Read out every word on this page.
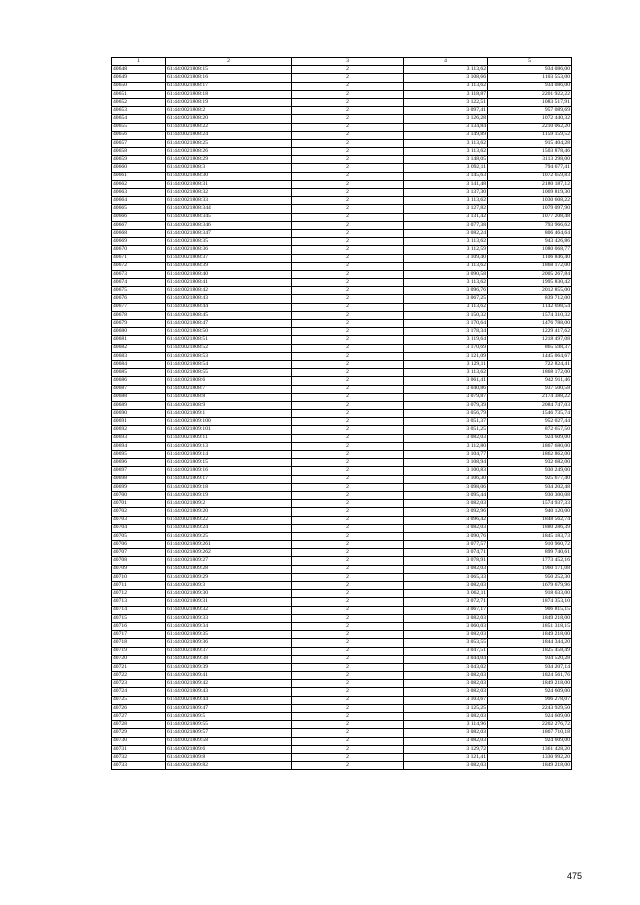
1	2	3	4	5
40648	61:44:0021808:15	2	3 113,62	934 086,00
40649	61:44:0021808:16	2	3 108,66	1103 553,00
40650	61:44:0021808:17	2	3 113,62	934 086,00
40651	61:44:0021808:18	2	3 118,87	2201 922,22
40652	61:44:0021808:19	2	3 122,51	1083 517,91
40653	61:44:0021808:2	2	3 097,41	957 089,69
40654	61:44:0021808:20	2	3 126,28	1072 440,32
40655	61:44:0021808:22	2	3 134,84	2210 062,20
40656	61:44:0021808:24	2	3 149,89	1159 159,52
40657	61:44:0021808:25	2	3 113,62	915 404,28
40658	61:44:0021808:26	2	3 113,62	1503 878,46
40659	61:44:0021808:29	2	3 148,05	3113 298,00
40660	61:44:0021808:3	2	3 092,11	794 677,41
40661	61:44:0021808:30	2	3 145,63	1072 659,83
40662	61:44:0021808:31	2	3 141,48	2180 187,12
40663	61:44:0021808:32	2	3 137,30	1069 819,30
40664	61:44:0021808:33	2	3 113,62	1030 608,22
40665	61:44:0021808:344	2	3 127,82	1079 097,90
40666	61:44:0021808:345	2	3 131,42	1077 208,48
40667	61:44:0021808:346	2	3 077,38	793 966,62
40668	61:44:0021808:347	2	3 082,24	806 464,64
40669	61:44:0021808:35	2	3 113,62	943 426,86
40670	61:44:0021808:36	2	3 112,59	1080 068,77
40671	61:44:0021808:37	2	3 109,40	1106 846,40
40672	61:44:0021808:39	2	3 113,62	1868 172,00
40673	61:44:0021808:40	2	3 090,58	2005 267,84
40674	61:44:0021808:41	2	3 113,62	1995 830,42
40675	61:44:0021808:42	2	3 096,76	2012 855,00
40676	61:44:0021808:43	2	3 067,25	839 712,00
40677	61:44:0021808:44	2	3 113,62	1142 698,54
40678	61:44:0021808:45	2	3 150,32	1574 310,32
40679	61:44:0021808:47	2	3 170,64	1476 788,00
40680	61:44:0021808:50	2	3 178,34	1229 417,62
40681	61:44:0021808:51	2	3 119,64	1218 497,08
40682	61:44:0021808:52	2	3 170,69	865 598,37
40683	61:44:0021808:53	2	3 121,09	1445 064,67
40684	61:44:0021808:54	2	3 129,11	722 824,41
40685	61:44:0021808:55	2	3 113,62	1868 172,00
40686	61:44:0021808:6	2	3 061,41	942 911,46
40687	61:44:0021808:7	2	3 040,86	937 500,58
40688	61:44:0021808:8	2	3 079,87	2174 388,22
40689	61:44:0021808:9	2	3 079,39	2084 747,03
40690	61:44:0021809:1	2	3 056,79	1546 735,74
40691	61:44:0021809:100	2	3 051,37	952 027,44
40692	61:44:0021809:101	2	3 051,25	872 657,50
40693	61:44:0021809:11	2	3 082,03	924 609,00
40694	61:44:0021809:13	2	3 112,80	1867 680,00
40695	61:44:0021809:14	2	3 104,77	1862 862,00
40696	61:44:0021809:15	2	3 108,94	932 682,00
40697	61:44:0021809:16	2	3 100,83	930 249,00
40698	61:44:0021809:17	2	3 106,30	925 677,40
40699	61:44:0021809:18	2	3 098,06	934 202,48
40700	61:44:0021809:19	2	3 095,44	930 300,08
40701	61:44:0021809:2	2	3 082,03	1574 937,33
40702	61:44:0021809:20	2	3 092,96	940 120,00
40703	61:44:0021809:22	2	3 096,42	1848 562,74
40704	61:44:0021809:24	2	3 082,03	1880 286,39
40705	61:44:0021809:25	2	3 090,76	1845 183,73
40706	61:44:0021809:261	2	3 077,57	910 960,72
40707	61:44:0021809:262	2	3 074,71	899 740,61
40708	61:44:0021809:27	2	3 078,91	1773 452,16
40709	61:44:0021809:28	2	3 082,03	1960 171,08
40710	61:44:0021809:29	2	3 065,33	950 252,30
40711	61:44:0021809:3	2	3 082,03	1679 679,96
40712	61:44:0021809:30	2	3 062,11	918 633,00
40713	61:44:0021809:31	2	3 072,71	1874 353,10
40714	61:44:0021809:32	2	3 067,17	906 815,15
40715	61:44:0021809:33	2	3 082,03	1849 218,00
40716	61:44:0021809:34	2	3 060,03	1851 318,15
40717	61:44:0021809:35	2	3 082,03	1849 218,00
40718	61:44:0021809:36	2	3 053,55	1844 344,20
40719	61:44:0021809:37	2	3 047,51	1825 458,49
40720	61:44:0021809:38	2	3 044,04	934 520,28
40721	61:44:0021809:39	2	3 043,02	934 207,14
40722	61:44:0021809:41	2	3 082,03	1824 561,76
40723	61:44:0021809:42	2	3 082,03	1849 218,00
40724	61:44:0021809:43	2	3 082,03	924 609,00
40725	61:44:0021809:44	2	3 103,67	996 278,07
40726	61:44:0021809:47	2	3 125,25	2243 929,50
40727	61:44:0021809:5	2	3 082,03	924 609,00
40728	61:44:0021809:55	2	3 114,96	2202 276,72
40729	61:44:0021809:57	2	3 082,03	1867 710,18
40730	61:44:0021809:58	2	3 082,03	924 609,00
40731	61:44:0021809:6	2	3 129,72	1361 428,20
40732	61:44:0021809:8	2	3 121,41	1330 992,20
40733	61:44:0021809:82	2	3 082,03	1849 218,00
475
